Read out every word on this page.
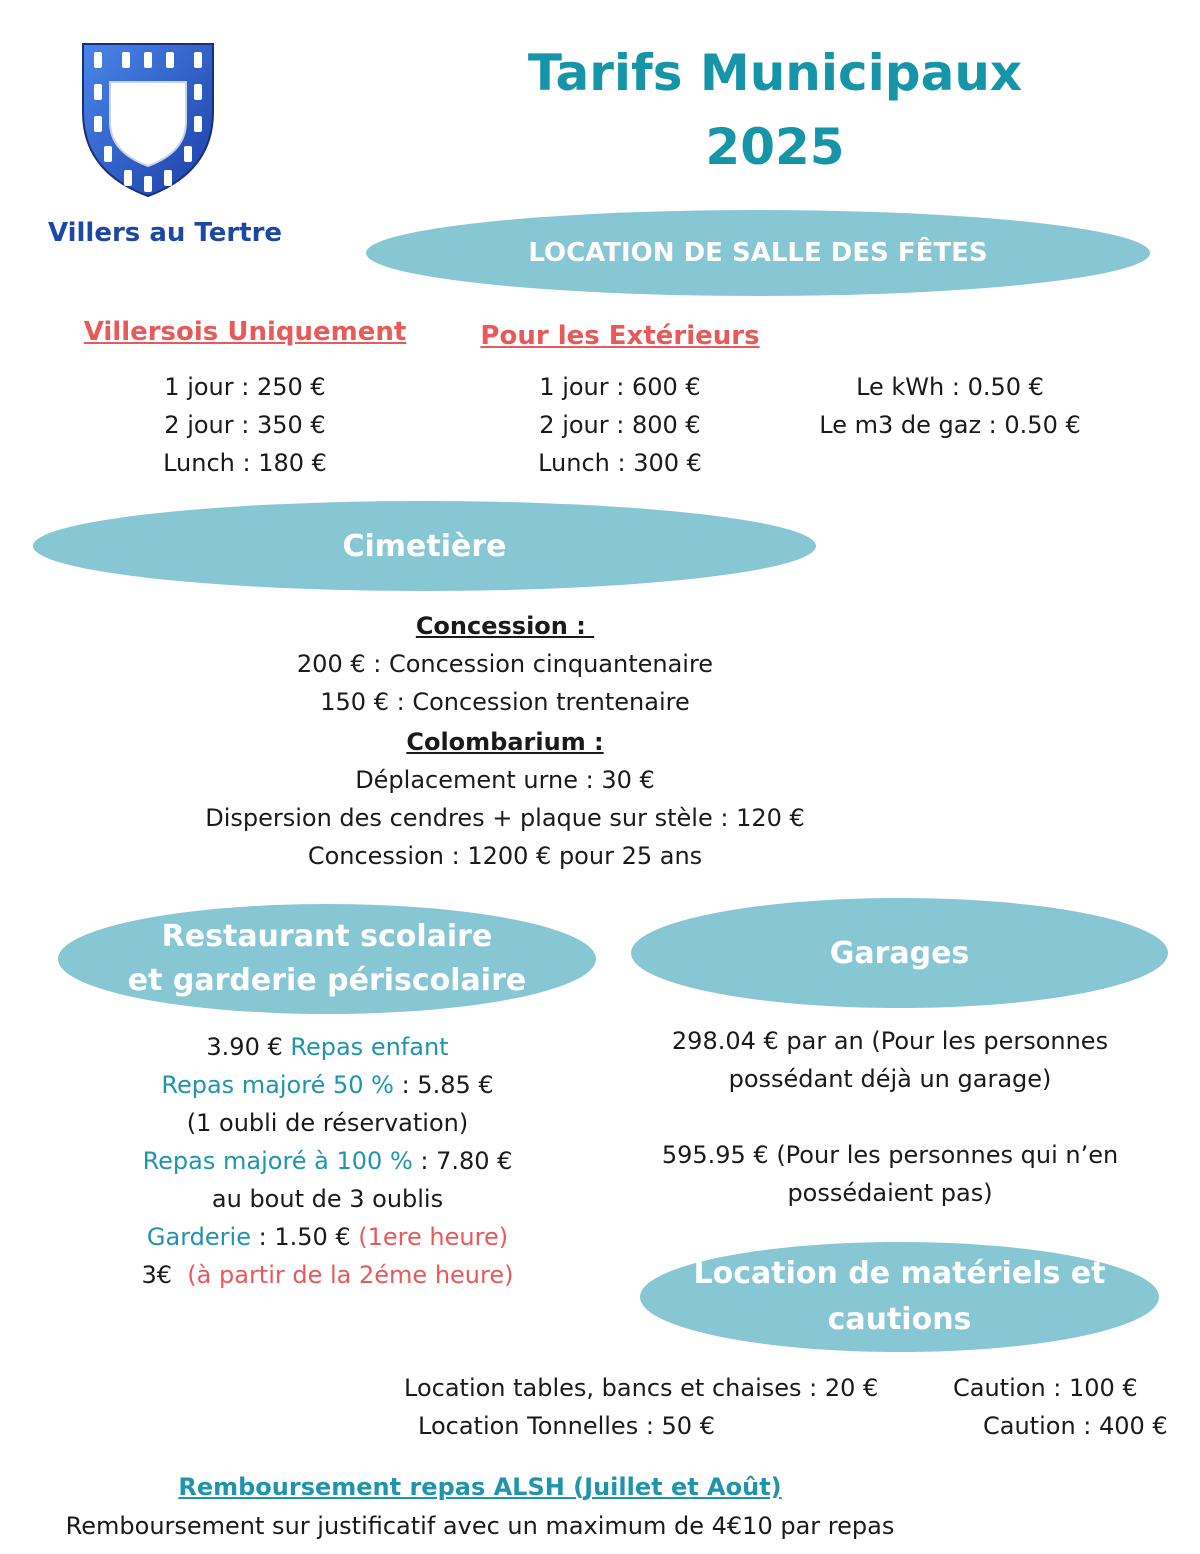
Villers au Tertre
Tarifs Municipaux
2025
LOCATION DE SALLE DES FÊTES
Villersois Uniquement
1 jour : 250 €
2 jour : 350 €
Lunch : 180 €
Pour les Extérieurs
1 jour : 600 €
2 jour : 800 €
Lunch : 300 €
Le kWh : 0.50 €
Le m3 de gaz : 0.50 €
Cimetière
Concession :
200 € : Concession cinquantenaire
150 € : Concession trentenaire
Colombarium :
Déplacement urne : 30 €
Dispersion des cendres + plaque sur stèle : 120 €
Concession : 1200 € pour 25 ans
Restaurant scolaire
et garderie périscolaire
3.90 € Repas enfant
Repas majoré 50 % : 5.85 €
(1 oubli de réservation)
Repas majoré à 100 % : 7.80 €
au bout de 3 oublis
Garderie : 1.50 € (1ere heure)
3€  (à partir de la 2éme heure)
Garages
298.04 € par an (Pour les personnes
possédant déjà un garage)
595.95 € (Pour les personnes qui n’en
possédaient pas)
Location de matériels et
cautions
Location tables, bancs et chaises : 20 €	Caution : 100 €
Location Tonnelles : 50 €	Caution : 400 €
Remboursement repas ALSH (Juillet et Août)
Remboursement sur justificatif avec un maximum de 4€10 par repas
